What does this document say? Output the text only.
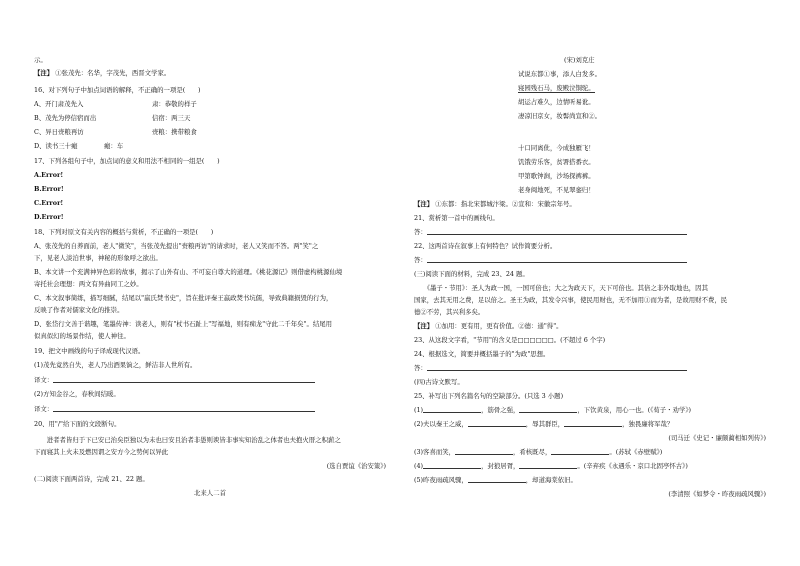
示。
【注】 ①张茂先：名华，字茂先，西晋文学家。
16、对下列句子中加点词语的解释，不正确的一项是(　　)
A、开门肃茂先入	肃：恭敬的样子
B、茂先为停信宿而出	信宿：两三天
C、异日赍粮再访	赍粮：携带粮食
D、读书三十瘢	瘢：车
17、下列各组句子中，加点词的意义和用法不相同的一组是(　　)
A.Error!
B.Error!
C.Error!
D.Error!
18、下列对原文有关内容的概括与赏析，不正确的一项是(　　)
A、张茂先的自养面前，老人"微笑"，当张茂先提出"赍粮再访"的请求时，老人又笑而不答。两"笑"之
下，见老人淡泊世事，神秘的形象呼之欲出。
B、本文讲一个充满神异色彩的故事，揭示了山外有山、不可妄自尊大的道理。《桃花源记》则借虚构桃源仙境
寄托社会理想：两文有异曲同工之妙。
C、本文叙事简练，描写细腻，结尾以"嬴氏焚书史"，旨在批评秦王嬴政焚书坑儒，导致典籍损毁的行为，
反映了作者对儒家文化的推崇。
D、张岱行文善于谐趣，笔墨传神：读老人，则有"杖书石趾上"写福地，则有痴龙"守此二千年矣"。结尾用
似真似幻的场景作结，使人神往。
19、把文中画线的句子译成现代汉语。
(1)茂先竟然自失，老人乃出酒果饷之，鲜洁非人世所有。
译文：
(2)方知金谷之，春秋间结暖。
译文：
20、用"/"给下面的文段断句。
　　进者者皆归于下已安已治矣臣独以为未也曰安且治者非愚则谀皆非事实知治乱之体者也夫抱火厝之积薪之
下而寝其上火未及燃因谓之安方今之势何以异此
(选自贾谊《治安策》)
(二)阅读下面两首诗，完成 21、22 题。
北来人二首
(宋)刘克庄
试说东都①事，添人白发多。
寝园残石马，废殿泣铜驼。
胡运占难久，边情听易讹。
凄凉旧京女，妆髻尚宣和②。
十口同离仳，今成独雁飞！
饥饿劳乐客，贫署搭番衣。
甲第歌钟涧，沙场探裤裤。
老身闽地死，不见翠銮归！
【注】 ①东都：指北宋都城汴梁。②宣和：宋徽宗年号。
21、赏析第一首中的画线句。
答：
22、这两首诗在叙事上有何特色？试作简要分析。
答：
(三)阅读下面的材料，完成 23、24 题。
　　《墨子・节用》：圣人为政一国，一国可倍也；大之为政天下，天下可倍也。其倍之非外取地也，因其
国家，去其无用之费，足以倍之。圣王为政，其发令兴事，使民用财也，无不加用①而为者，是故用财不费，民
德②不劳，其兴利多矣。
【注】 ①加用：更有用，更有价值。②德：通"得"。
23、从这段文字看，"节用"的含义是□□□□□□。(不超过 6 个字)
24、根据选文，简要并概括墨子的"为政"思想。
答：
(四)古诗文默写。
25、补写出下列名篇名句的空缺部分。(只选 3 小题)
(1)	，筋骨之强，	，下饮黄泉，用心一也。(《荀子・劝学》)
(2)夫以秦王之威，	，辱其群臣，	，独畏廉将军哉？
(司马迁《史记・廉颇蔺相如列传》)
(3)客喜而笑，	，肴核既尽，	。(苏轼《赤壁赋》)
(4)	，封狼居胥，	。(辛弃疾《永遇乐・京口北固亭怀古》)
(5)昨夜雨疏风骤，	，却道海棠依旧。
(李清照《如梦令・昨夜雨疏风骤》)
